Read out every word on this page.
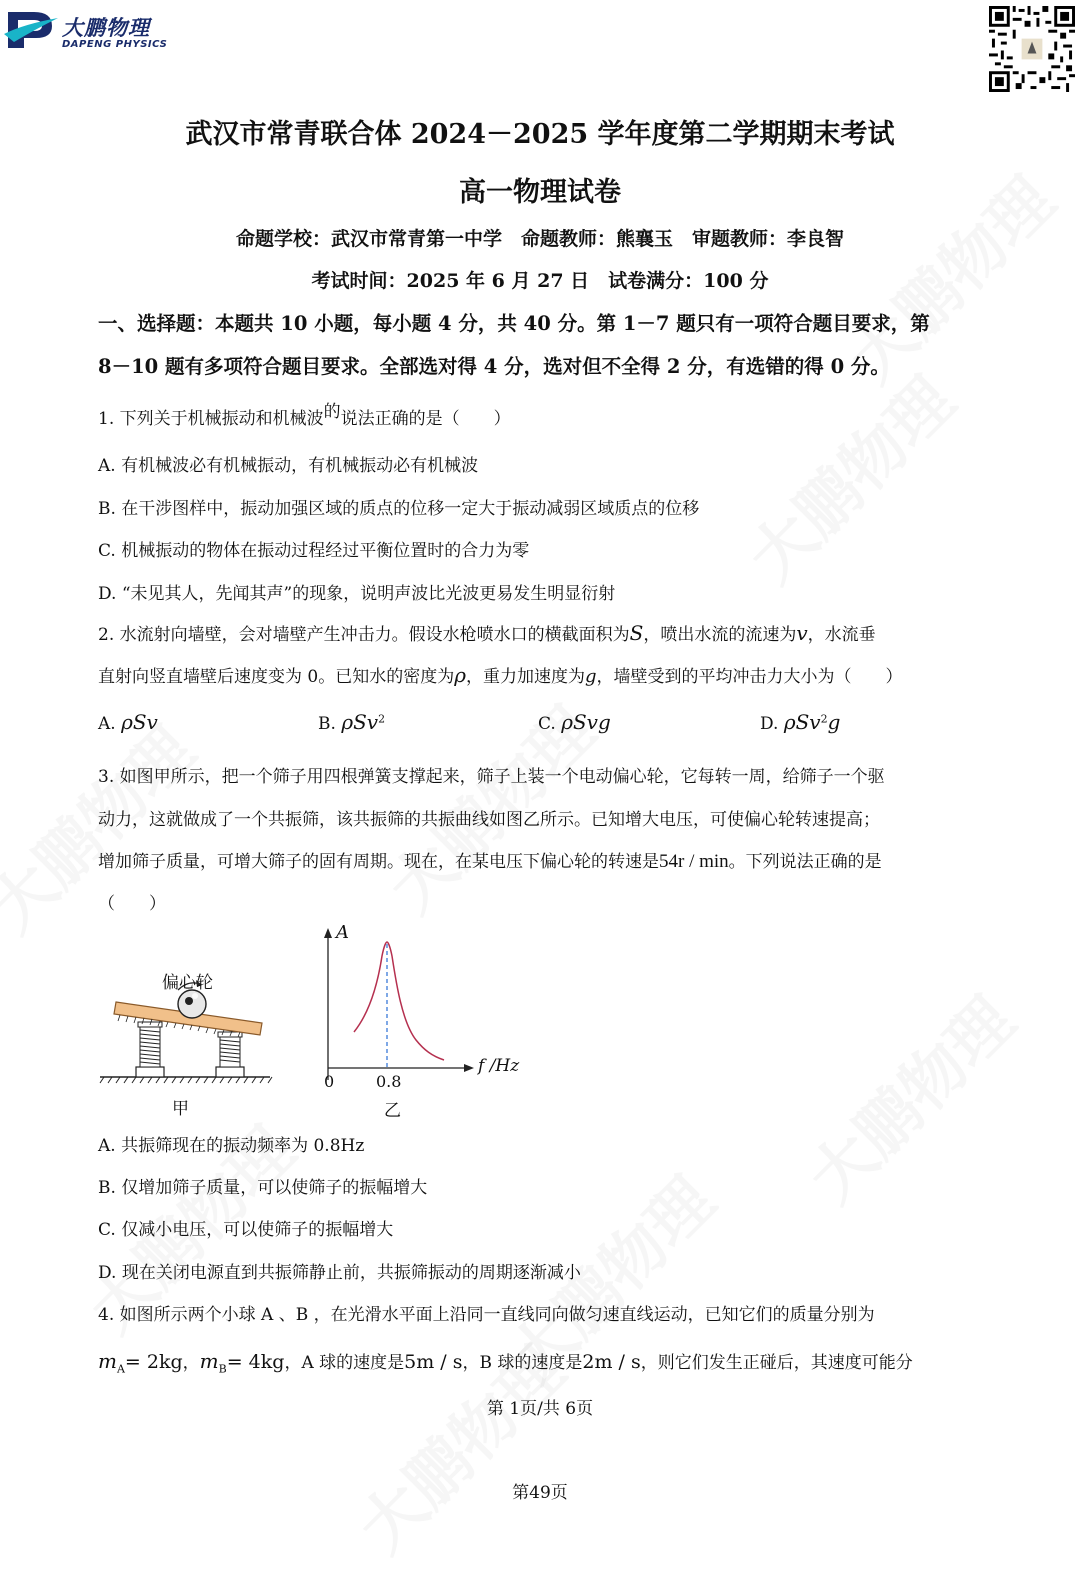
大鹏物理
DAPENG PHYSICS
武汉市常青联合体 2024－2025 学年度第二学期期末考试
高一物理试卷
命题学校：武汉市常青第一中学　命题教师：熊襄玉　审题教师：李良智
考试时间：2025 年 6 月 27 日　试卷满分：100 分
一、选择题：本题共 10 小题，每小题 4 分，共 40 分。第 1－7 题只有一项符合题目要求，第
8－10 题有多项符合题目要求。全部选对得 4 分，选对但不全得 2 分，有选错的得 0 分。
1. 下列关于机械振动和机械波的说法正确的是（　　）
A. 有机械波必有机械振动，有机械振动必有机械波
B. 在干涉图样中，振动加强区域的质点的位移一定大于振动减弱区域质点的位移
C. 机械振动的物体在振动过程经过平衡位置时的合力为零
D. “未见其人，先闻其声”的现象，说明声波比光波更易发生明显衍射
2. 水流射向墙壁，会对墙壁产生冲击力。假设水枪喷水口的横截面积为S，喷出水流的流速为v，水流垂
直射向竖直墙壁后速度变为 0。已知水的密度为ρ，重力加速度为g，墙壁受到的平均冲击力大小为（　　）
A. ρSv	B. ρSv$^2$	C. ρSvg	D. ρSv$^2$g
3. 如图甲所示，把一个筛子用四根弹簧支撑起来，筛子上装一个电动偏心轮，它每转一周，给筛子一个驱
动力，这就做成了一个共振筛，该共振筛的共振曲线如图乙所示。已知增大电压，可使偏心轮转速提高；
增加筛子质量，可增大筛子的固有周期。现在，在某电压下偏心轮的转速是54r / min。下列说法正确的是
（　　）
偏心轮
甲	乙
A
f /Hz
0	0.8
A. 共振筛现在的振动频率为 0.8Hz
B. 仅增加筛子质量，可以使筛子的振幅增大
C. 仅减小电压，可以使筛子的振幅增大
D. 现在关闭电源直到共振筛静止前，共振筛振动的周期逐渐减小
4. 如图所示两个小球 A 、B ，在光滑水平面上沿同一直线同向做匀速直线运动，已知它们的质量分别为
$m_A= 2kg$，$m_B= 4kg$，A 球的速度是5m / s，B 球的速度是2m / s，则它们发生正碰后，其速度可能分
第 1页/共 6页
第49页
